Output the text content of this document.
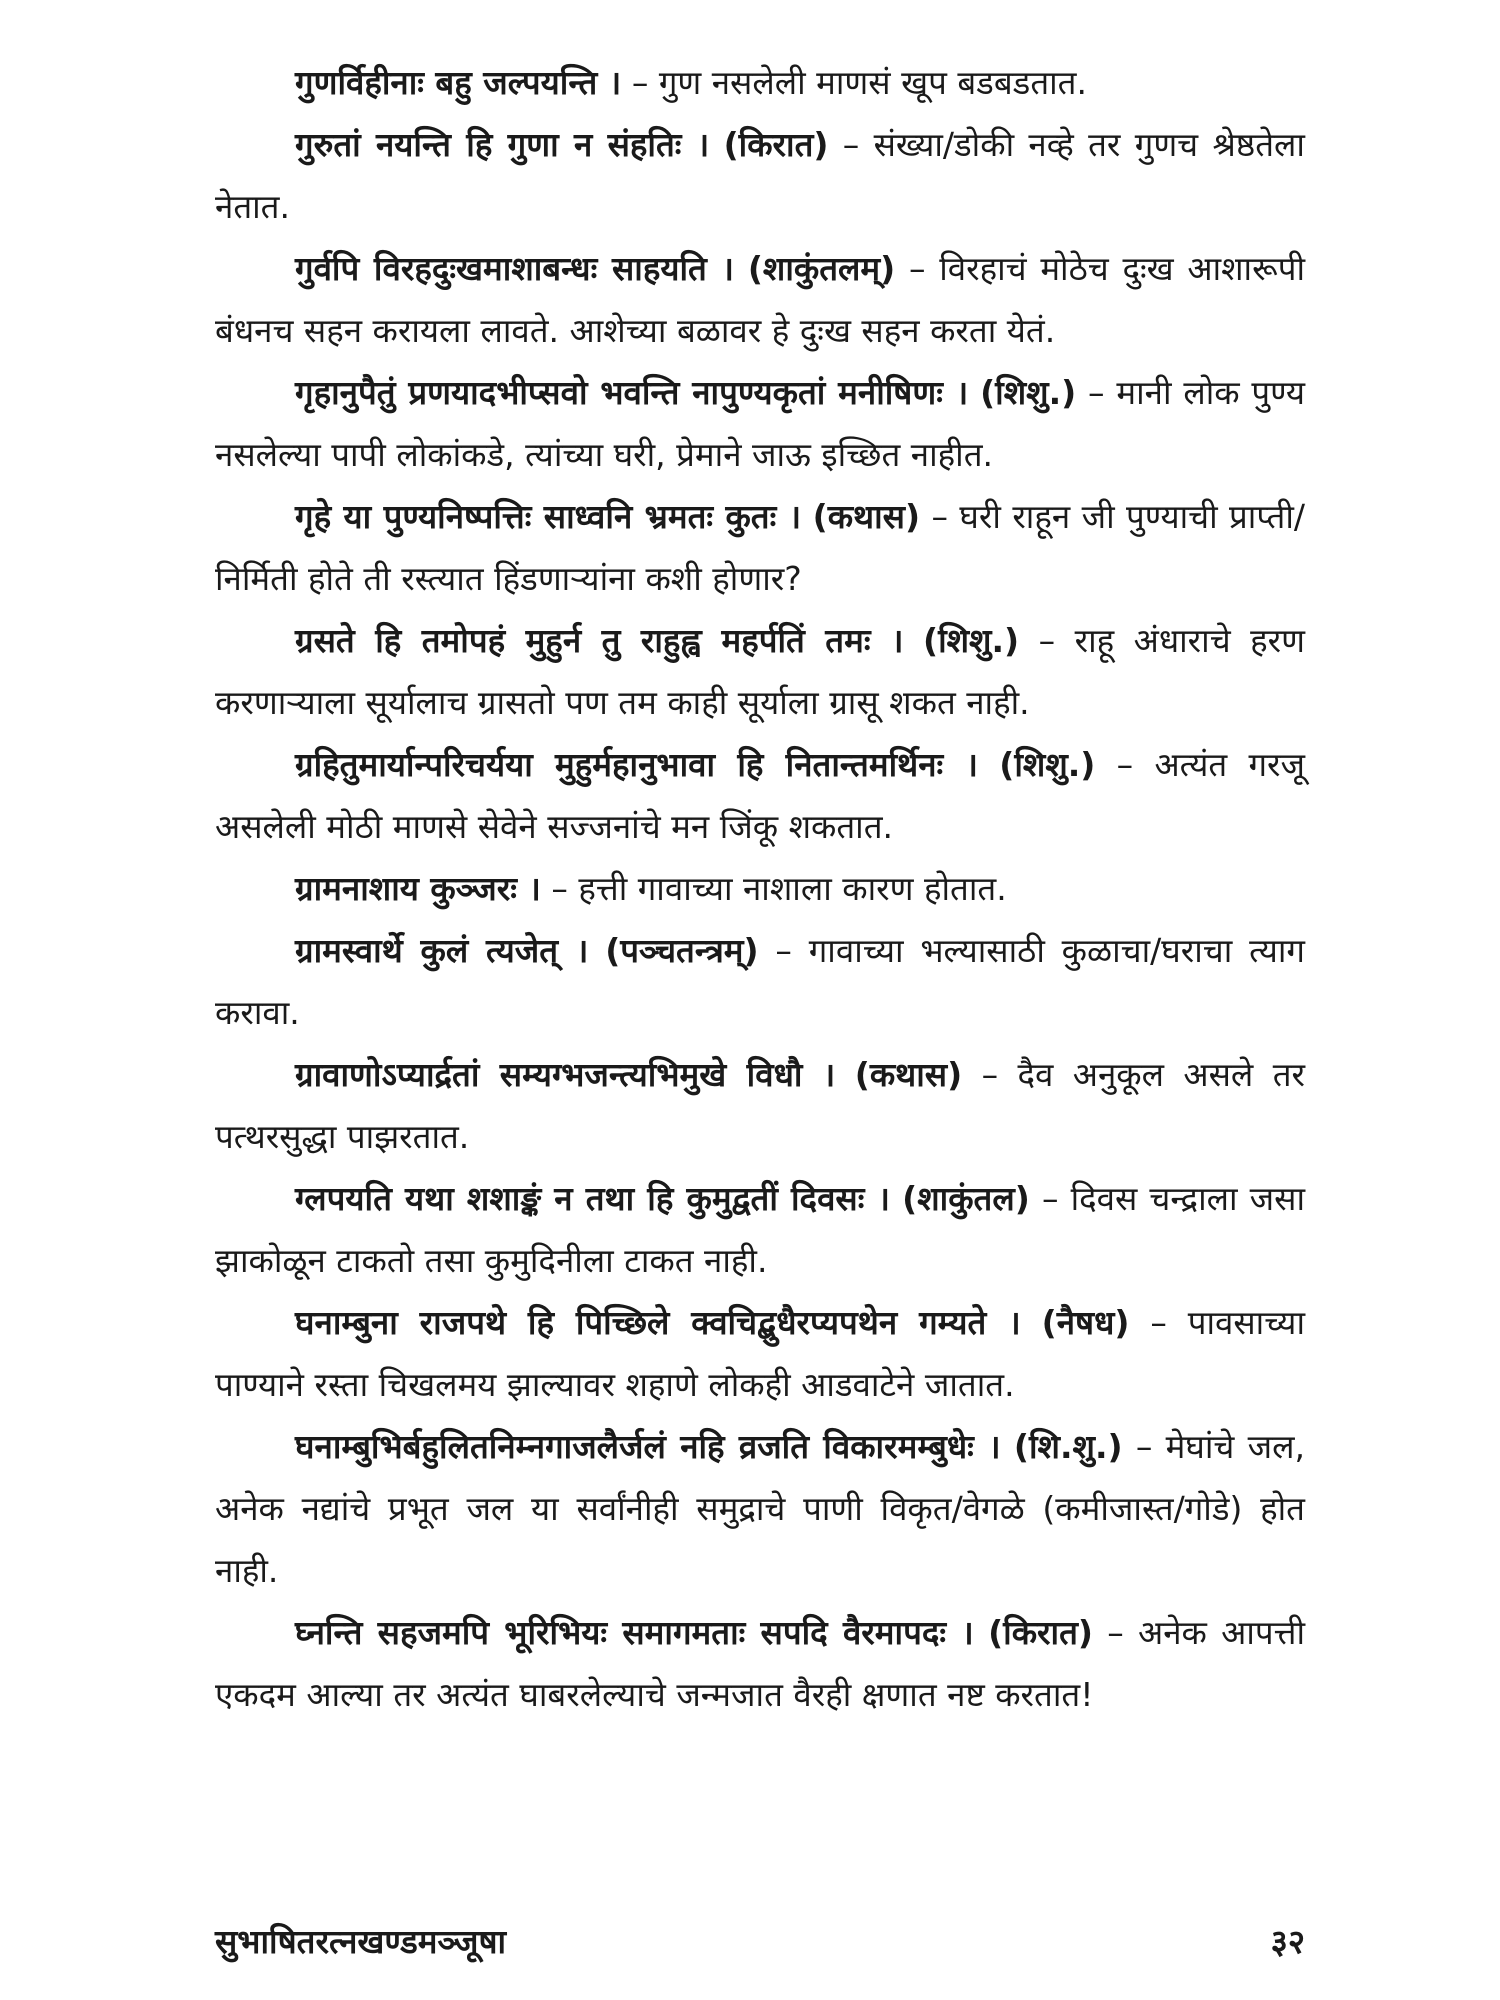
गुणर्विहीनाः बहु जल्पयन्ति । – गुण नसलेली माणसं खूप बडबडतात.

गुरुतां नयन्ति हि गुणा न संहतिः । (किरात) – संख्या/डोकी नव्हे तर गुणच श्रेष्ठतेला नेतात.

गुर्वपि विरहदुःखमाशाबन्धः साहयति । (शाकुंतलम्) – विरहाचं मोठेच दुःख आशारूपी बंधनच सहन करायला लावते. आशेच्या बळावर हे दुःख सहन करता येतं.

गृहानुपैतुं प्रणयादभीप्सवो भवन्ति नापुण्यकृतां मनीषिणः । (शिशु.) – मानी लोक पुण्य नसलेल्या पापी लोकांकडे, त्यांच्या घरी, प्रेमाने जाऊ इच्छित नाहीत.

गृहे या पुण्यनिष्पत्तिः साध्वनि भ्रमतः कुतः । (कथास) – घरी राहून जी पुण्याची प्राप्ती/निर्मिती होते ती रस्त्यात हिंडणाऱ्यांना कशी होणार?

ग्रसते हि तमोपहं मुहुर्न तु राहुह्व महर्पतिं तमः । (शिशु.) – राहू अंधाराचे हरण करणाऱ्याला सूर्यालाच ग्रासतो पण तम काही सूर्याला ग्रासू शकत नाही.

ग्रहितुमार्यान्परिचर्यया मुहुर्महानुभावा हि नितान्तमर्थिनः । (शिशु.) – अत्यंत गरजू असलेली मोठी माणसे सेवेने सज्जनांचे मन जिंकू शकतात.

ग्रामनाशाय कुञ्जरः । – हत्ती गावाच्या नाशाला कारण होतात.

ग्रामस्वार्थे कुलं त्यजेत् । (पञ्चतन्त्रम्) – गावाच्या भल्यासाठी कुळाचा/घराचा त्याग करावा.

ग्रावाणोऽप्यार्द्रतां सम्यग्भजन्त्यभिमुखे विधौ । (कथास) – दैव अनुकूल असले तर पत्थरसुद्धा पाझरतात.

ग्लपयति यथा शशाङ्कं न तथा हि कुमुद्वतीं दिवसः । (शाकुंतल) – दिवस चन्द्राला जसा झाकोळून टाकतो तसा कुमुदिनीला टाकत नाही.

घनाम्बुना राजपथे हि पिच्छिले क्वचिद्बुधैरप्यपथेन गम्यते । (नैषध) – पावसाच्या पाण्याने रस्ता चिखलमय झाल्यावर शहाणे लोकही आडवाटेने जातात.

घनाम्बुभिर्बहुलितनिम्नगाजलैर्जलं नहि व्रजति विकारमम्बुधेः । (शि.शु.) – मेघांचे जल, अनेक नद्यांचे प्रभूत जल या सर्वांनीही समुद्राचे पाणी विकृत/वेगळे (कमीजास्त/गोडे) होत नाही.

घ्नन्ति सहजमपि भूरिभियः समागमताः सपदि वैरमापदः । (किरात) – अनेक आपत्ती एकदम आल्या तर अत्यंत घाबरलेल्याचे जन्मजात वैरही क्षणात नष्ट करतात!

सुभाषितरत्नखण्डमञ्जूषा	३२
